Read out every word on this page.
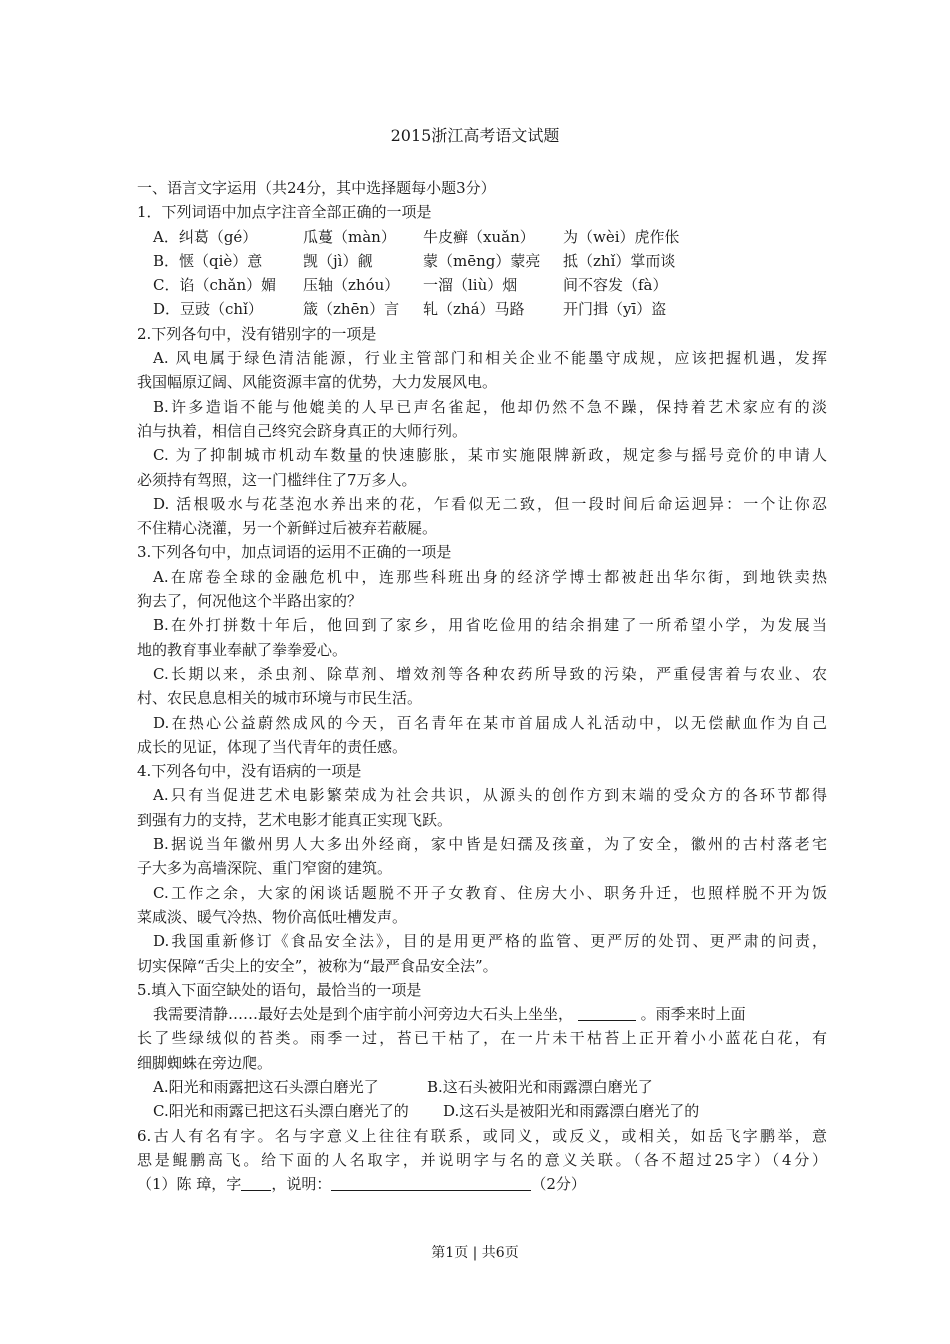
2015浙江高考语文试题
一、语言文字运用（共24分，其中选择题每小题3分）
1．下列词语中加点字注音全部正确的一项是
A．纠葛（gé）	瓜蔓（màn） 牛皮癣（xuǎn） 为（wèi）虎作伥
B．惬（qiè）意	觊（jì）觎	蒙（mēng）蒙亮 抵（zhǐ）掌而谈
C．谄（chǎn）媚 压轴（zhóu） 一溜（liù）烟	间不容发（fà）
D．豆豉（chǐ）	箴（zhēn）言 轧（zhá）马路	开门揖（yī）盗
2.下列各句中，没有错别字的一项是
A. 风电属于绿色清洁能源，行业主管部门和相关企业不能墨守成规，应该把握机遇，发挥
我国幅原辽阔、风能资源丰富的优势，大力发展风电。
B.许多造诣不能与他媲美的人早已声名雀起，他却仍然不急不躁，保持着艺术家应有的淡
泊与执着，相信自己终究会跻身真正的大师行列。
C. 为了抑制城市机动车数量的快速膨胀，某市实施限牌新政，规定参与摇号竞价的申请人
必须持有驾照，这一门槛绊住了7万多人。
D. 活根吸水与花茎泡水养出来的花，乍看似无二致，但一段时间后命运迥异：一个让你忍
不住精心浇灌，另一个新鲜过后被弃若蔽屣。
3.下列各句中，加点词语的运用不正确的一项是
A.在席卷全球的金融危机中，连那些科班出身的经济学博士都被赶出华尔街，到地铁卖热
狗去了，何况他这个半路出家的？
B.在外打拼数十年后，他回到了家乡，用省吃俭用的结余捐建了一所希望小学，为发展当
地的教育事业奉献了拳拳爱心。
C.长期以来，杀虫剂、除草剂、增效剂等各种农药所导致的污染，严重侵害着与农业、农
村、农民息息相关的城市环境与市民生活。
D.在热心公益蔚然成风的今天，百名青年在某市首届成人礼活动中，以无偿献血作为自己
成长的见证，体现了当代青年的责任感。
4.下列各句中，没有语病的一项是
A.只有当促进艺术电影繁荣成为社会共识，从源头的创作方到末端的受众方的各环节都得
到强有力的支持，艺术电影才能真正实现飞跃。
B.据说当年徽州男人大多出外经商，家中皆是妇孺及孩童，为了安全，徽州的古村落老宅
子大多为高墙深院、重门窄窗的建筑。
C.工作之余，大家的闲谈话题脱不开子女教育、住房大小、职务升迁，也照样脱不开为饭
菜咸淡、暖气冷热、物价高低吐槽发声。
D.我国重新修订《食品安全法》，目的是用更严格的监管、更严厉的处罚、更严肃的问责，
切实保障“舌尖上的安全”，被称为“最严食品安全法”。
5.填入下面空缺处的语句，最恰当的一项是
我需要清静……最好去处是到个庙宇前小河旁边大石头上坐坐，	。雨季来时上面
长了些绿绒似的苔类。雨季一过，苔已干枯了，在一片未干枯苔上正开着小小蓝花白花，有
细脚蜘蛛在旁边爬。
A.阳光和雨露把这石头漂白磨光了	B.这石头被阳光和雨露漂白磨光了
C.阳光和雨露已把这石头漂白磨光了的 D.这石头是被阳光和雨露漂白磨光了的
6.古人有名有字。名与字意义上往往有联系，或同义，或反义，或相关，如岳飞字鹏举，意
思是鲲鹏高飞。给下面的人名取字，并说明字与名的意义关联。（各不超过25字）（4分）
（1）陈 璋，字 ，说明：	（2分）
第1页 | 共6页
